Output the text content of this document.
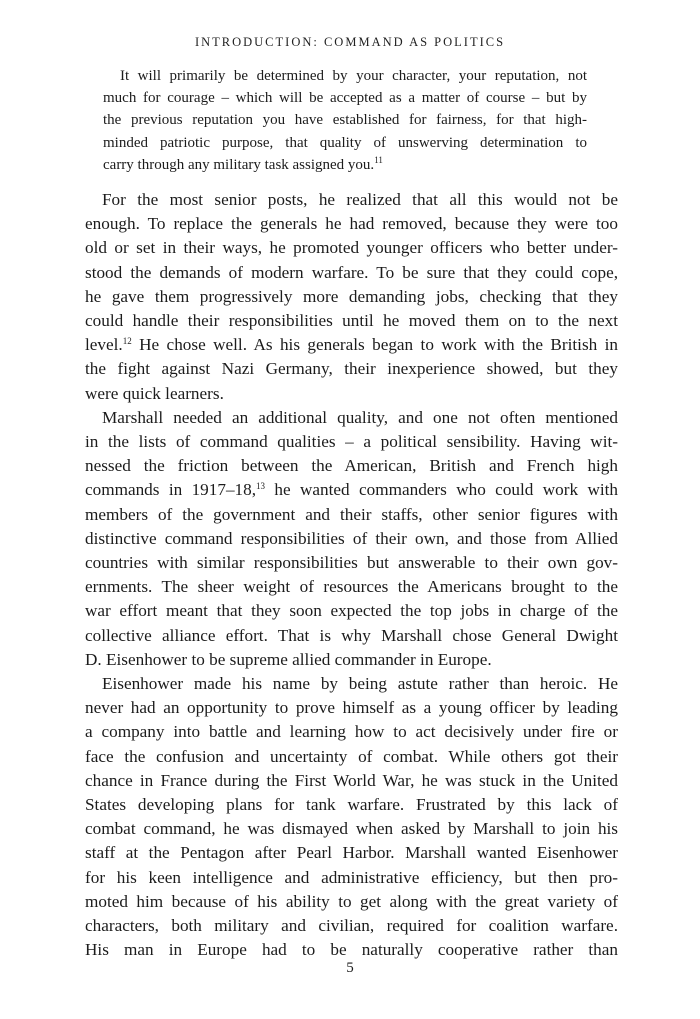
INTRODUCTION: COMMAND AS POLITICS
It will primarily be determined by your character, your reputation, not
much for courage – which will be accepted as a matter of course – but by
the previous reputation you have established for fairness, for that high-
minded patriotic purpose, that quality of unswerving determination to
carry through any military task assigned you.$^{11}$
For the most senior posts, he realized that all this would not be
enough. To replace the generals he had removed, because they were too
old or set in their ways, he promoted younger officers who better under-
stood the demands of modern warfare. To be sure that they could cope,
he gave them progressively more demanding jobs, checking that they
could handle their responsibilities until he moved them on to the next
level.$^{12}$ He chose well. As his generals began to work with the British in
the fight against Nazi Germany, their inexperience showed, but they
were quick learners.
Marshall needed an additional quality, and one not often mentioned
in the lists of command qualities – a political sensibility. Having wit-
nessed the friction between the American, British and French high
commands in 1917–18,13 he wanted commanders who could work with
members of the government and their staffs, other senior figures with
distinctive command responsibilities of their own, and those from Allied
countries with similar responsibilities but answerable to their own gov-
ernments. The sheer weight of resources the Americans brought to the
war effort meant that they soon expected the top jobs in charge of the
collective alliance effort. That is why Marshall chose General Dwight
D. Eisenhower to be supreme allied commander in Europe.
Eisenhower made his name by being astute rather than heroic. He
never had an opportunity to prove himself as a young officer by leading
a company into battle and learning how to act decisively under fire or
face the confusion and uncertainty of combat. While others got their
chance in France during the First World War, he was stuck in the United
States developing plans for tank warfare. Frustrated by this lack of
combat command, he was dismayed when asked by Marshall to join his
staff at the Pentagon after Pearl Harbor. Marshall wanted Eisenhower
for his keen intelligence and administrative efficiency, but then pro-
moted him because of his ability to get along with the great variety of
characters, both military and civilian, required for coalition warfare.
His man in Europe had to be naturally cooperative rather than
5
